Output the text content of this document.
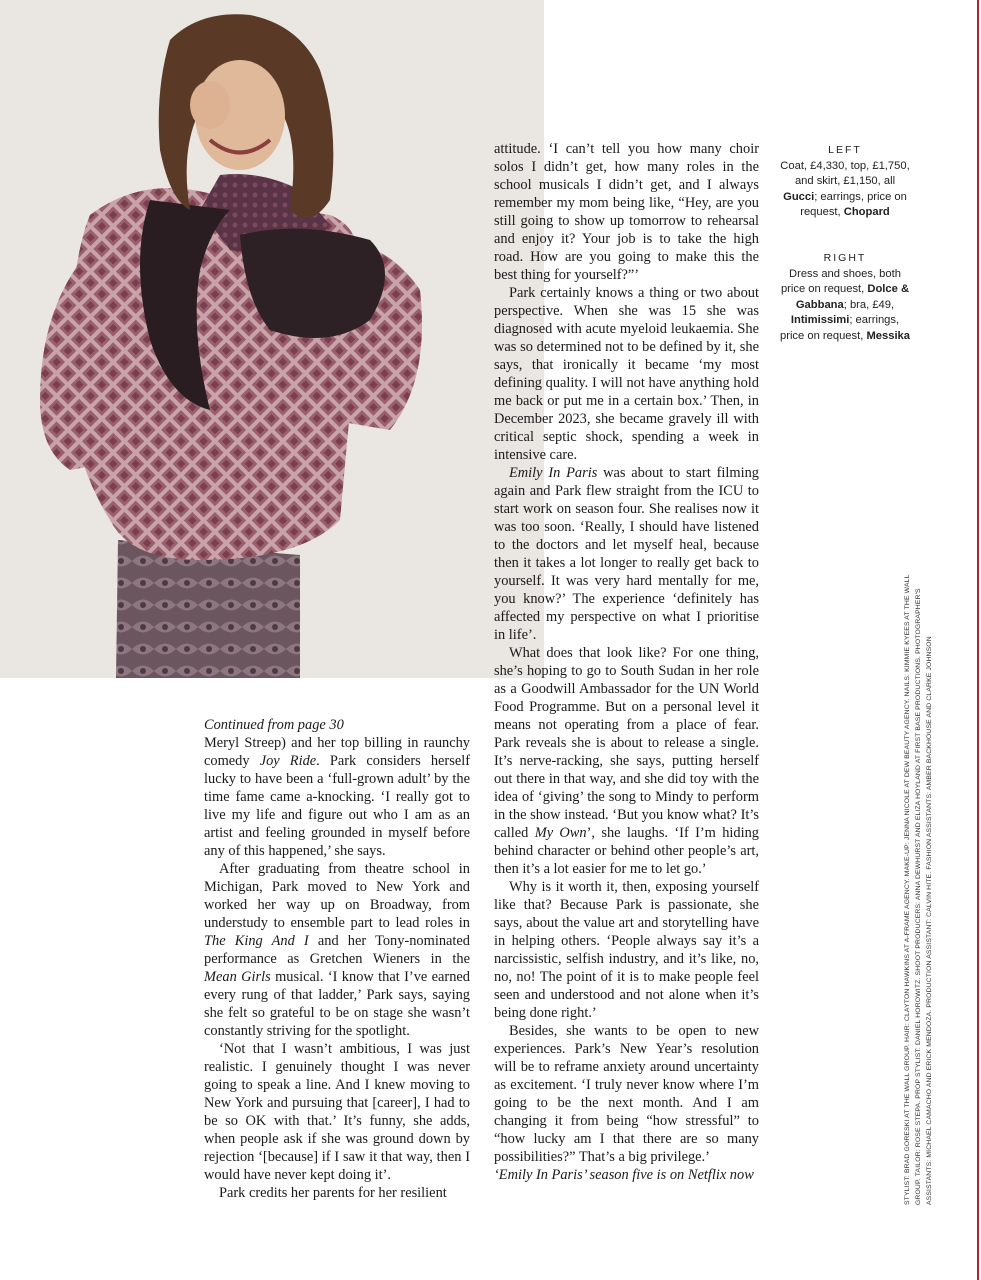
attitude. ‘I can’t tell you how many choir solos I didn’t get, how many roles in the school musicals I didn’t get, and I always remember my mom being like, “Hey, are you still going to show up tomorrow to rehearsal and enjoy it? Your job is to take the high road. How are you going to make this the best thing for yourself?”’

Park certainly knows a thing or two about perspective. When she was 15 she was diagnosed with acute myeloid leukaemia. She was so determined not to be defined by it, she says, that ironically it became ‘my most defining quality. I will not have anything hold me back or put me in a certain box.’ Then, in December 2023, she became gravely ill with critical septic shock, spending a week in intensive care.

Emily In Paris was about to start filming again and Park flew straight from the ICU to start work on season four. She realises now it was too soon. ‘Really, I should have listened to the doctors and let myself heal, because then it takes a lot longer to really get back to yourself. It was very hard mentally for me, you know?’ The experience ‘definitely has affected my perspective on what I prioritise in life’.

What does that look like? For one thing, she’s hoping to go to South Sudan in her role as a Goodwill Ambassador for the UN World Food Programme. But on a personal level it means not operating from a place of fear. Park reveals she is about to release a single. It’s nerve-racking, she says, putting herself out there in that way, and she did toy with the idea of ‘giving’ the song to Mindy to perform in the show instead. ‘But you know what? It’s called My Own’, she laughs. ‘If I’m hiding behind character or behind other people’s art, then it’s a lot easier for me to let go.’

Why is it worth it, then, exposing yourself like that? Because Park is passionate, she says, about the value art and storytelling have in helping others. ‘People always say it’s a narcissistic, selfish industry, and it’s like, no, no, no! The point of it is to make people feel seen and understood and not alone when it’s being done right.’

Besides, she wants to be open to new experiences. Park’s New Year’s resolution will be to reframe anxiety around uncertainty as excitement. ‘I truly never know where I’m going to be the next month. And I am changing it from being “how stressful” to “how lucky am I that there are so many possibilities?” That’s a big privilege.’

‘Emily In Paris’ season five is on Netflix now

Continued from page 30

Meryl Streep) and her top billing in raunchy comedy Joy Ride. Park considers herself lucky to have been a ‘full-grown adult’ by the time fame came a-knocking. ‘I really got to live my life and figure out who I am as an artist and feeling grounded in myself before any of this happened,’ she says.

After graduating from theatre school in Michigan, Park moved to New York and worked her way up on Broadway, from understudy to ensemble part to lead roles in The King And I and her Tony-nominated performance as Gretchen Wieners in the Mean Girls musical. ‘I know that I’ve earned every rung of that ladder,’ Park says, saying she felt so grateful to be on stage she wasn’t constantly striving for the spotlight.

‘Not that I wasn’t ambitious, I was just realistic. I genuinely thought I was never going to speak a line. And I knew moving to New York and pursuing that [career], I had to be so OK with that.’ It’s funny, she adds, when people ask if she was ground down by rejection ‘[because] if I saw it that way, then I would have never kept doing it’.

Park credits her parents for her resilient

LEFT
Coat, £4,330, top, £1,750, and skirt, £1,150, all Gucci; earrings, price on request, Chopard
RIGHT
Dress and shoes, both price on request, Dolce & Gabbana; bra, £49, Intimissimi; earrings, price on request, Messika
STYLIST: BRAD GORESKI AT THE WALL GROUP. HAIR: CLAYTON HAWKINS AT A-FRAME AGENCY. MAKE-UP: JENNA NICOLE AT DEW BEAUTY AGENCY. NAILS: KIMMIE KYEES AT THE WALL GROUP. TAILOR: ROSE STEPA. PROP STYLIST: DANIEL HOROWITZ. SHOOT PRODUCERS: ANNA DEWHURST AND ELIZA HOYLAND AT FIRST BASE PRODUCTIONS. PHOTOGRAPHER'S ASSISTANTS: MICHAEL CAMACHO AND ERICK MENDOZA. PRODUCTION ASSISTANT: CALVIN HITE. FASHION ASSISTANTS: AMBER BACKHOUSE AND CLARKE JOHNSON
